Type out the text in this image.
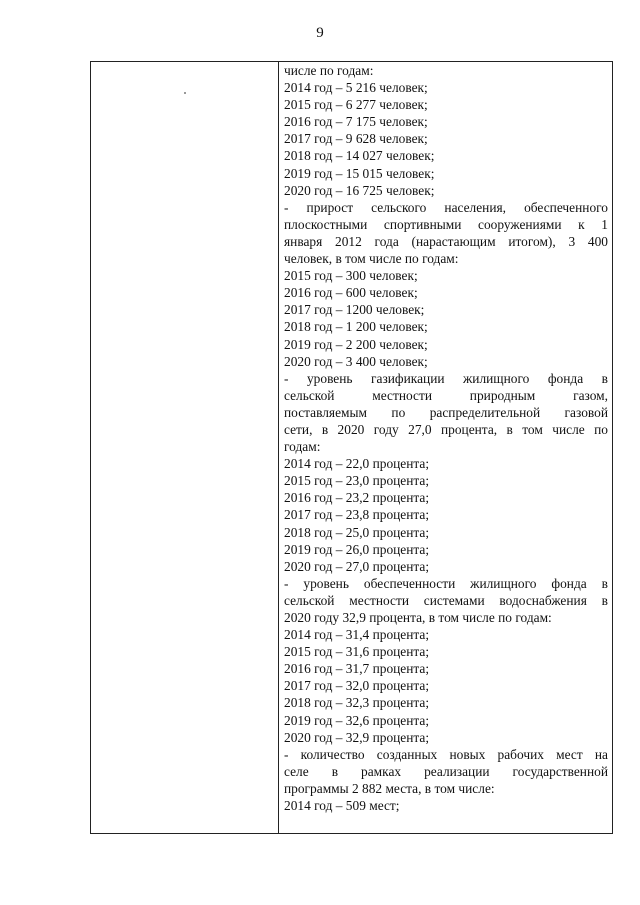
9
числе по годам:
2014 год – 5 216 человек;
2015 год – 6 277 человек;
2016 год – 7 175 человек;
2017 год – 9 628 человек;
2018 год – 14 027 человек;
2019 год – 15 015 человек;
2020 год – 16 725 человек;
- прирост сельского населения, обеспеченного
плоскостными спортивными сооружениями к 1
января 2012 года (нарастающим итогом), 3 400
человек, в том числе по годам:
2015 год – 300 человек;
2016 год – 600 человек;
2017 год – 1200 человек;
2018 год – 1 200 человек;
2019 год – 2 200 человек;
2020 год – 3 400 человек;
- уровень газификации жилищного фонда в
сельской местности природным газом,
поставляемым по распределительной газовой
сети, в 2020 году 27,0 процента, в том числе по
годам:
2014 год – 22,0 процента;
2015 год – 23,0 процента;
2016 год – 23,2 процента;
2017 год – 23,8 процента;
2018 год – 25,0 процента;
2019 год – 26,0 процента;
2020 год – 27,0 процента;
- уровень обеспеченности жилищного фонда в
сельской местности системами водоснабжения в
2020 году 32,9 процента, в том числе по годам:
2014 год – 31,4 процента;
2015 год – 31,6 процента;
2016 год – 31,7 процента;
2017 год – 32,0 процента;
2018 год – 32,3 процента;
2019 год – 32,6 процента;
2020 год – 32,9 процента;
- количество созданных новых рабочих мест на
селе в рамках реализации государственной
программы 2 882 места, в том числе:
2014 год – 509 мест;
